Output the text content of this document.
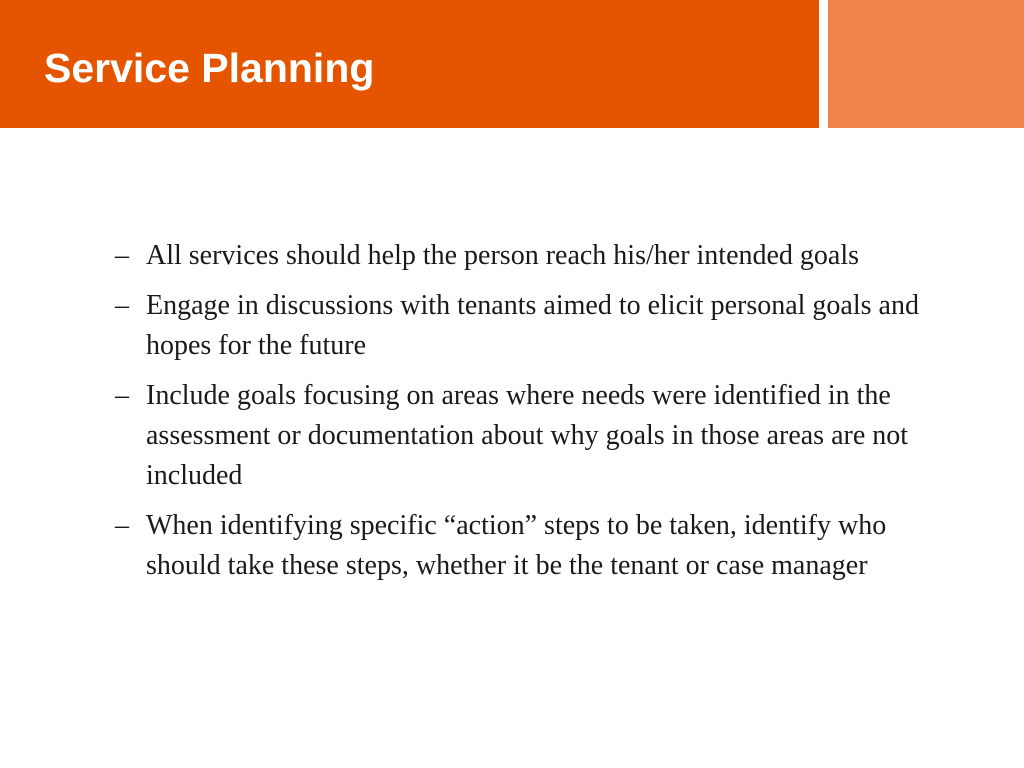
Service Planning
– All services should help the person reach his/her intended goals
– Engage in discussions with tenants aimed to elicit personal goals and hopes for the future
– Include goals focusing on areas where needs were identified in the assessment or documentation about why goals in those areas are not included
– When identifying specific “action” steps to be taken, identify who should take these steps, whether it be the tenant or case manager
